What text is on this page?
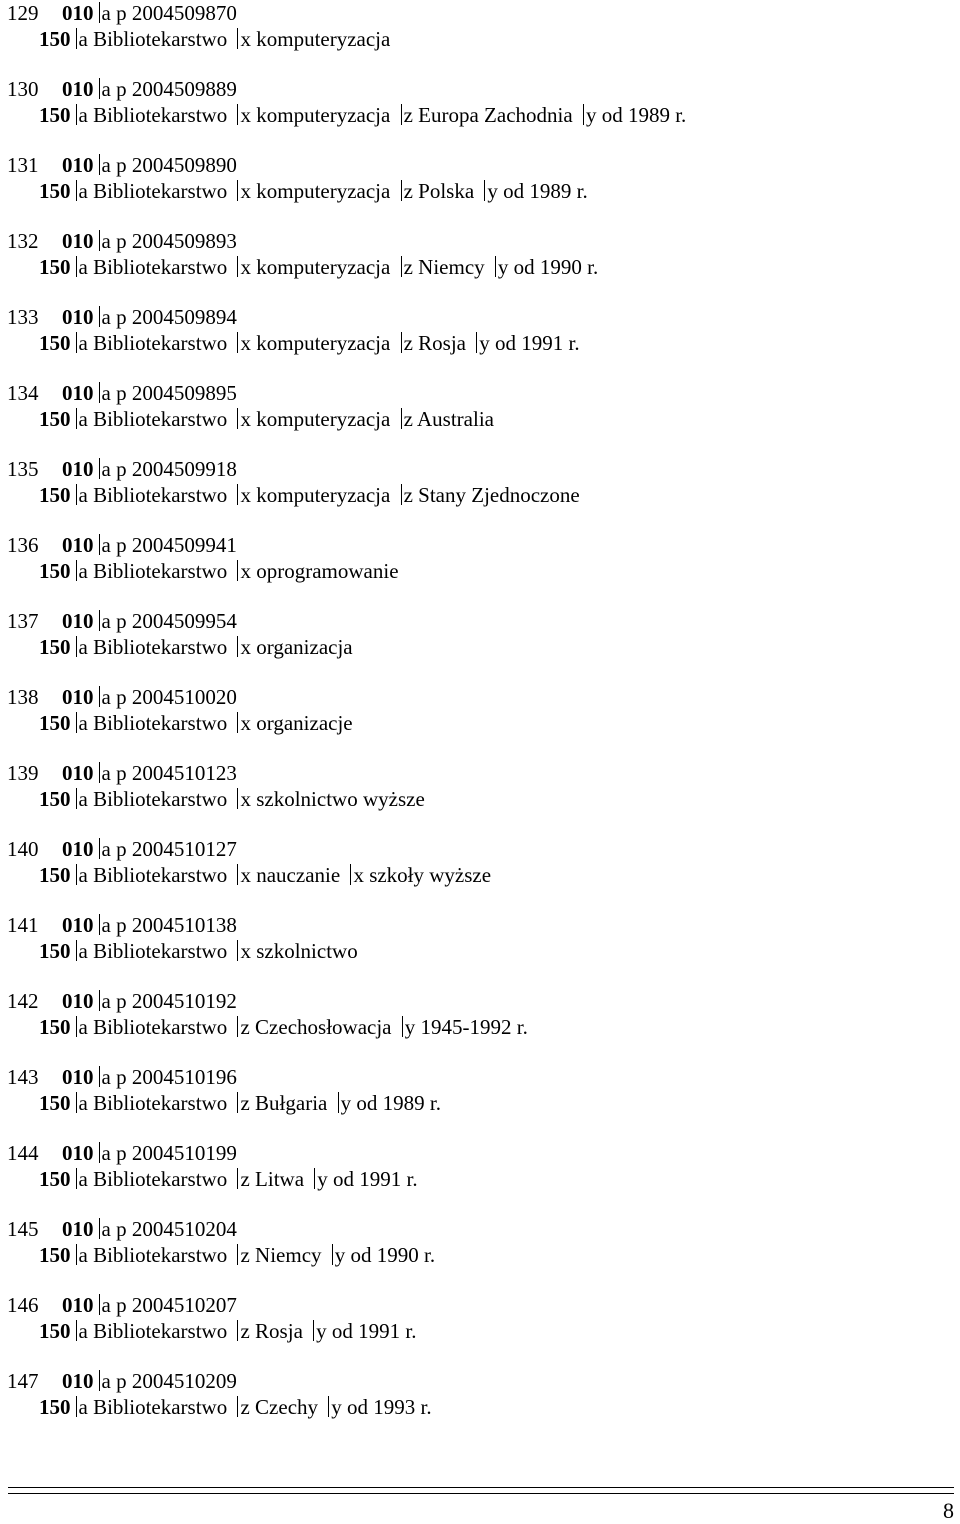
129 010 a p 2004509870
150 a Bibliotekarstwo x komputeryzacja
130 010 a p 2004509889
150 a Bibliotekarstwo x komputeryzacja z Europa Zachodnia y od 1989 r.
131 010 a p 2004509890
150 a Bibliotekarstwo x komputeryzacja z Polska y od 1989 r.
132 010 a p 2004509893
150 a Bibliotekarstwo x komputeryzacja z Niemcy y od 1990 r.
133 010 a p 2004509894
150 a Bibliotekarstwo x komputeryzacja z Rosja y od 1991 r.
134 010 a p 2004509895
150 a Bibliotekarstwo x komputeryzacja z Australia
135 010 a p 2004509918
150 a Bibliotekarstwo x komputeryzacja z Stany Zjednoczone
136 010 a p 2004509941
150 a Bibliotekarstwo x oprogramowanie
137 010 a p 2004509954
150 a Bibliotekarstwo x organizacja
138 010 a p 2004510020
150 a Bibliotekarstwo x organizacje
139 010 a p 2004510123
150 a Bibliotekarstwo x szkolnictwo wyższe
140 010 a p 2004510127
150 a Bibliotekarstwo x nauczanie x szkoły wyższe
141 010 a p 2004510138
150 a Bibliotekarstwo x szkolnictwo
142 010 a p 2004510192
150 a Bibliotekarstwo z Czechosłowacja y 1945-1992 r.
143 010 a p 2004510196
150 a Bibliotekarstwo z Bułgaria y od 1989 r.
144 010 a p 2004510199
150 a Bibliotekarstwo z Litwa y od 1991 r.
145 010 a p 2004510204
150 a Bibliotekarstwo z Niemcy y od 1990 r.
146 010 a p 2004510207
150 a Bibliotekarstwo z Rosja y od 1991 r.
147 010 a p 2004510209
150 a Bibliotekarstwo z Czechy y od 1993 r.
8
